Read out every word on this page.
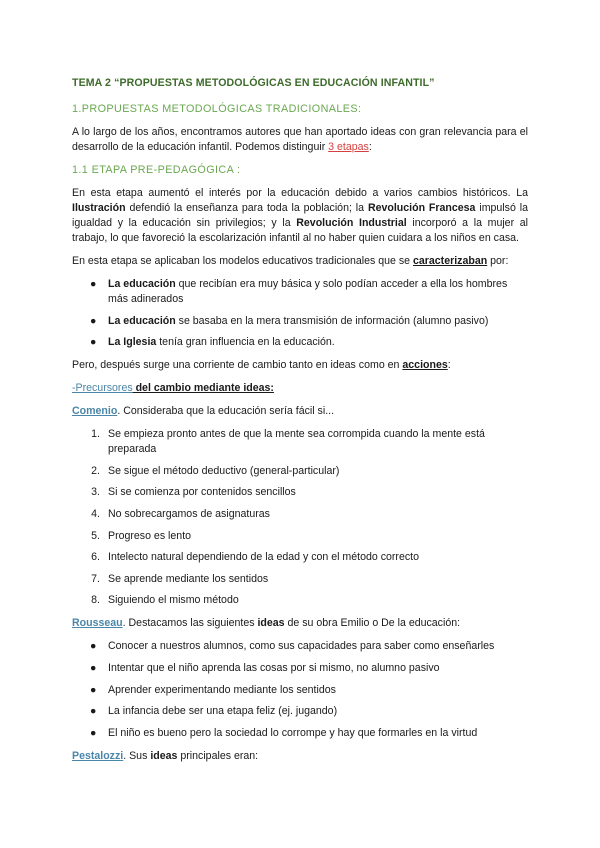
TEMA 2 “PROPUESTAS METODOLÓGICAS EN EDUCACIÓN INFANTIL”
1.PROPUESTAS METODOLÓGICAS TRADICIONALES:

A lo largo de los años, encontramos autores que han aportado ideas con gran relevancia para el desarrollo de la educación infantil. Podemos distinguir 3 etapas:

1.1 ETAPA PRE-PEDAGÓGICA :

En esta etapa aumentó el interés por la educación debido a varios cambios históricos. La Ilustración defendió la enseñanza para toda la población; la Revolución Francesa impulsó la igualdad y la educación sin privilegios; y la Revolución Industrial incorporó a la mujer al trabajo, lo que favoreció la escolarización infantil al no haber quien cuidara a los niños en casa.

En esta etapa se aplicaban los modelos educativos tradicionales que se caracterizaban por:

● La educación que recibían era muy básica y solo podían acceder a ella los hombres más adinerados
● La educación se basaba en la mera transmisión de información (alumno pasivo)
● La Iglesia tenía gran influencia en la educación.

Pero, después surge una corriente de cambio tanto en ideas como en acciones:

-Precursores del cambio mediante ideas:

Comenio. Consideraba que la educación sería fácil si...

1. Se empieza pronto antes de que la mente sea corrompida cuando la mente está preparada
2. Se sigue el método deductivo (general-particular)
3. Si se comienza por contenidos sencillos
4. No sobrecargamos de asignaturas
5. Progreso es lento
6. Intelecto natural dependiendo de la edad y con el método correcto
7. Se aprende mediante los sentidos
8. Siguiendo el mismo método

Rousseau. Destacamos las siguientes ideas de su obra Emilio o De la educación:

● Conocer a nuestros alumnos, como sus capacidades para saber como enseñarles
● Intentar que el niño aprenda las cosas por si mismo, no alumno pasivo
● Aprender experimentando mediante los sentidos
● La infancia debe ser una etapa feliz (ej. jugando)
● El niño es bueno pero la sociedad lo corrompe y hay que formarles en la virtud

Pestalozzi. Sus ideas principales eran:
